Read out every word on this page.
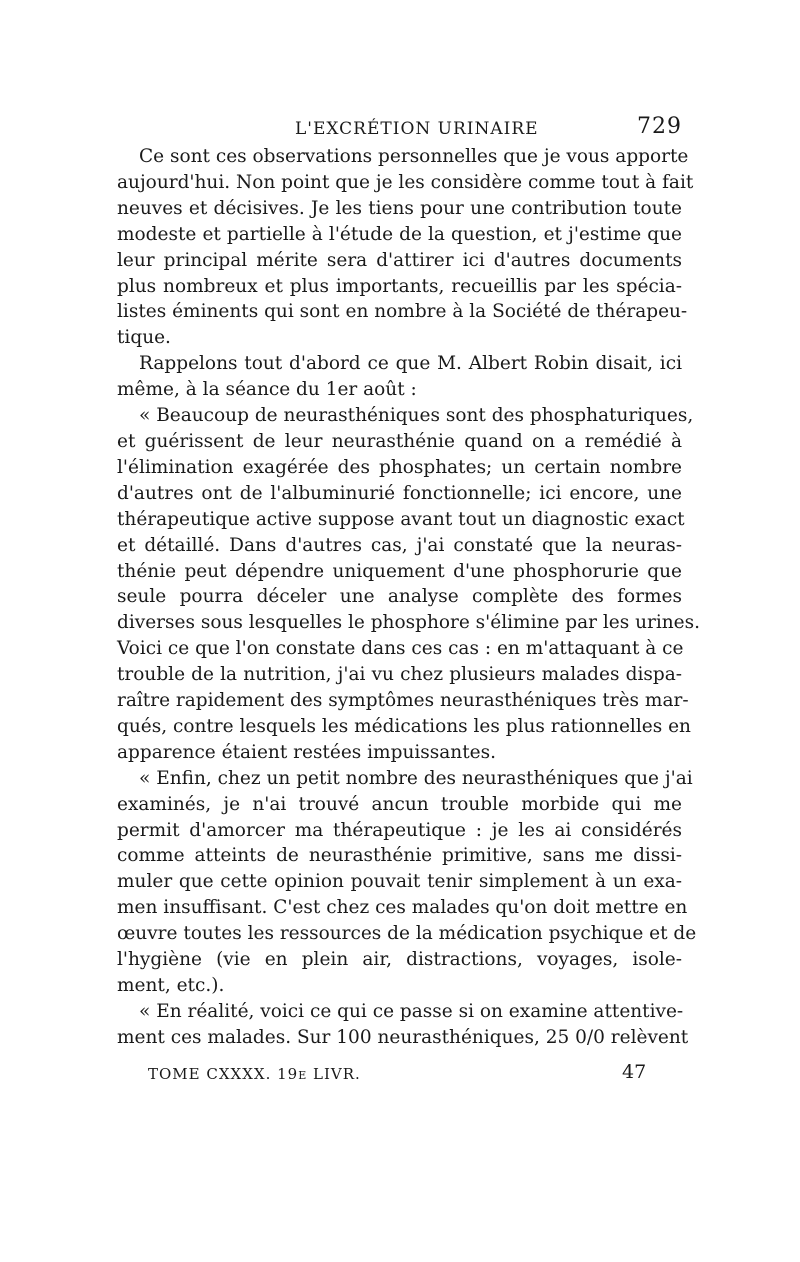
L'EXCRÉTION URINAIRE	729

Ce sont ces observations personnelles que je vous apporte
aujourd'hui. Non point que je les considère comme tout à fait
neuves et décisives. Je les tiens pour une contribution toute
modeste et partielle à l'étude de la question, et j'estime que
leur principal mérite sera d'attirer ici d'autres documents
plus nombreux et plus importants, recueillis par les spécia-
listes éminents qui sont en nombre à la Société de thérapeu-
tique.

Rappelons tout d'abord ce que M. Albert Robin disait, ici
même, à la séance du 1er août :

« Beaucoup de neurasthéniques sont des phosphaturiques,
et guérissent de leur neurasthénie quand on a remédié à
l'élimination exagérée des phosphates; un certain nombre
d'autres ont de l'albuminurié fonctionnelle; ici encore, une
thérapeutique active suppose avant tout un diagnostic exact
et détaillé. Dans d'autres cas, j'ai constaté que la neuras-
thénie peut dépendre uniquement d'une phosphorurie que
seule pourra déceler une analyse complète des formes
diverses sous lesquelles le phosphore s'élimine par les urines.
Voici ce que l'on constate dans ces cas : en m'attaquant à ce
trouble de la nutrition, j'ai vu chez plusieurs malades dispa-
raître rapidement des symptômes neurasthéniques très mar-
qués, contre lesquels les médications les plus rationnelles en
apparence étaient restées impuissantes.

« Enfin, chez un petit nombre des neurasthéniques que j'ai
examinés, je n'ai trouvé ancun trouble morbide qui me
permit d'amorcer ma thérapeutique : je les ai considérés
comme atteints de neurasthénie primitive, sans me dissi-
muler que cette opinion pouvait tenir simplement à un exa-
men insuffisant. C'est chez ces malades qu'on doit mettre en
œuvre toutes les ressources de la médication psychique et de
l'hygiène (vie en plein air, distractions, voyages, isole-
ment, etc.).

« En réalité, voici ce qui ce passe si on examine attentive-
ment ces malades. Sur 100 neurasthéniques, 25 0/0 relèvent

TOME CXXXX. 19e LIVR.	47
